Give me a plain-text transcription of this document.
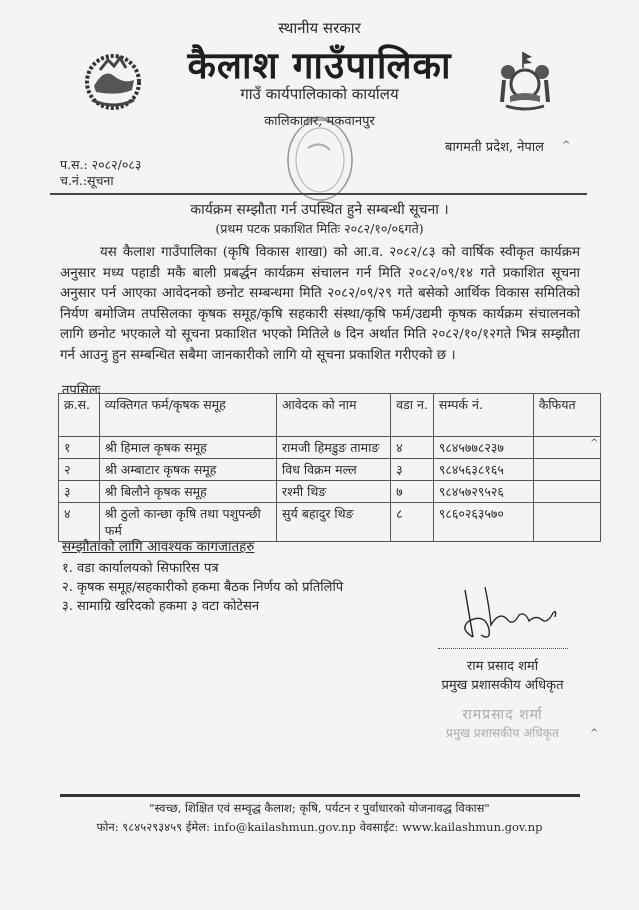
स्थानीय सरकार
कैलाश गाउँपालिका
गाउँ कार्यपालिकाको कार्यालय
कालिकाटार, मकवानपुर
बागमती प्रदेश, नेपाल ^
प.स.: २०८२/०८३
च.नं.:सूचना
कार्यक्रम सम्झौता गर्न उपस्थित हुने सम्बन्धी सूचना ।
(प्रथम पटक प्रकाशित मितिः २०८२/१०/०६गते)
यस कैलाश गाउँपालिका (कृषि विकास शाखा) को आ.व. २०८२/८३ को वार्षिक स्वीकृत कार्यक्रम अनुसार मध्य पहाडी मकै बाली प्रबर्द्धन कार्यक्रम संचालन गर्न मिति २०८२/०९/१४ गते प्रकाशित सूचना अनुसार पर्न आएका आवेदनको छनोट सम्बन्धमा मिति २०८२/०९/२९ गते बसेको आर्थिक विकास समितिको निर्यण बमोजिम तपसिलका कृषक समूह/कृषि सहकारी संस्था/कृषि फर्म/उद्यमी कृषक कार्यक्रम संचालनको लागि छनोट भएकाले यो सूचना प्रकाशित भएको मितिले ७ दिन अर्थात मिति २०८२/१०/१२गते भित्र सम्झौता गर्न आउनु हुन सम्बन्धित सबैमा जानकारीको लागि यो सूचना प्रकाशित गरीएको छ ।
तपसिलः
क्र.स.	व्यक्तिगत फर्म/कृषक समूह	आवेदक को नाम	वडा न.	सम्पर्क नं.	कैफियत
१	श्री हिमाल कृषक समूह	रामजी हिमडुङ तामाङ	४	९८४५७७८२३७	
२	श्री अम्बाटार कृषक समूह	विध विक्रम मल्ल	३	९८४५६३८१६५	
३	श्री बिलौने कृषक समूह	रश्मी थिङ	७	९८४५७२९५२६	
४	श्री ठुलो कान्छा कृषि तथा पशुपन्छी फर्म	सुर्य बहादुर थिङ	८	९८६०२६३५७०	
^
सम्झौताको लागि आवश्यक कागजातहरु
१. वडा कार्यालयको सिफारिस पत्र
२. कृषक समूह/सहकारीको हकमा बैठक निर्णय को प्रतिलिपि
३. सामाग्रि खरिदको हकमा ३ वटा कोटेसन
राम प्रसाद शर्मा
प्रमुख प्रशासकीय अधिकृत
रामप्रसाद शर्मा
प्रमुख प्रशासकीय अधिकृत	^
"स्वच्छ, शिक्षित एवं सम्वृद्ध कैलाश; कृषि, पर्यटन र पुर्वाधारको योजनावद्ध विकास"
फोन: ९८४५२९३४५९ ईमेल: info@kailashmun.gov.np वेवसाईट: www.kailashmun.gov.np
